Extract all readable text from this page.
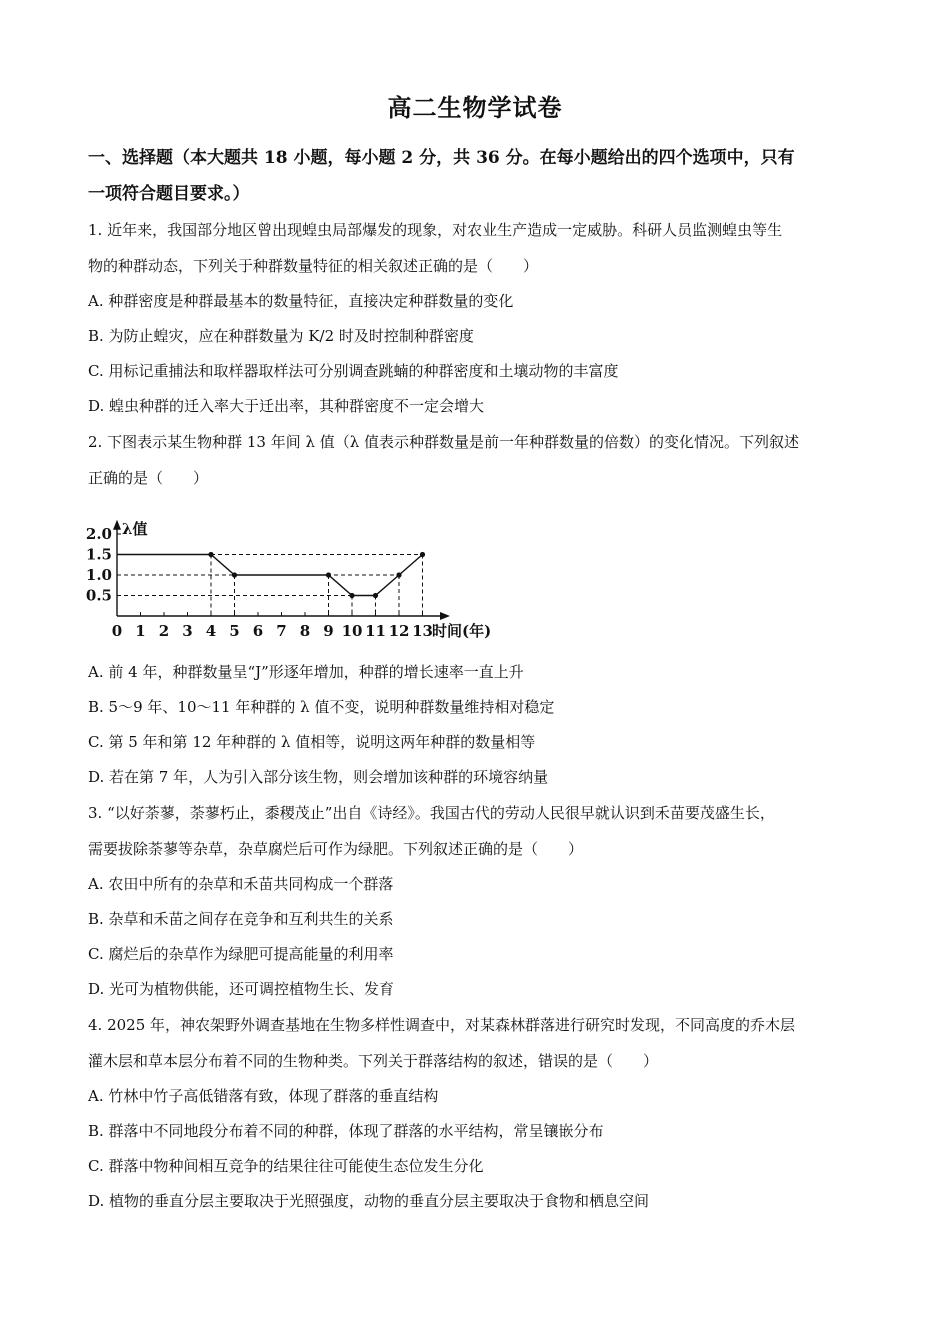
高二生物学试卷
一、选择题（本大题共 18 小题，每小题 2 分，共 36 分。在每小题给出的四个选项中，只有
一项符合题目要求。）
1. 近年来，我国部分地区曾出现蝗虫局部爆发的现象，对农业生产造成一定威胁。科研人员监测蝗虫等生
物的种群动态，下列关于种群数量特征的相关叙述正确的是（　　）
A. 种群密度是种群最基本的数量特征，直接决定种群数量的变化
B. 为防止蝗灾，应在种群数量为 K/2 时及时控制种群密度
C. 用标记重捕法和取样器取样法可分别调查跳蝻的种群密度和土壤动物的丰富度
D. 蝗虫种群的迁入率大于迁出率，其种群密度不一定会增大
2. 下图表示某生物种群 13 年间 λ 值（λ 值表示种群数量是前一年种群数量的倍数）的变化情况。下列叙述
正确的是（　　）
0.5
1.0
1.5
2.0
0 1 2 3 4 5 6 7 8 9 10 11 12 13
λ值
时间(年)
A. 前 4 年，种群数量呈“J”形逐年增加，种群的增长速率一直上升
B. 5～9 年、10～11 年种群的 λ 值不变，说明种群数量维持相对稳定
C. 第 5 年和第 12 年种群的 λ 值相等，说明这两年种群的数量相等
D. 若在第 7 年，人为引入部分该生物，则会增加该种群的环境容纳量
3. “以好荼蓼，荼蓼朽止，黍稷茂止”出自《诗经》。我国古代的劳动人民很早就认识到禾苗要茂盛生长，
需要拔除荼蓼等杂草，杂草腐烂后可作为绿肥。下列叙述正确的是（　　）
A. 农田中所有的杂草和禾苗共同构成一个群落
B. 杂草和禾苗之间存在竞争和互利共生的关系
C. 腐烂后的杂草作为绿肥可提高能量的利用率
D. 光可为植物供能，还可调控植物生长、发育
4. 2025 年，神农架野外调查基地在生物多样性调查中，对某森林群落进行研究时发现，不同高度的乔木层
灌木层和草本层分布着不同的生物种类。下列关于群落结构的叙述，错误的是（　　）
A. 竹林中竹子高低错落有致，体现了群落的垂直结构
B. 群落中不同地段分布着不同的种群，体现了群落的水平结构，常呈镶嵌分布
C. 群落中物种间相互竞争的结果往往可能使生态位发生分化
D. 植物的垂直分层主要取决于光照强度，动物的垂直分层主要取决于食物和栖息空间
